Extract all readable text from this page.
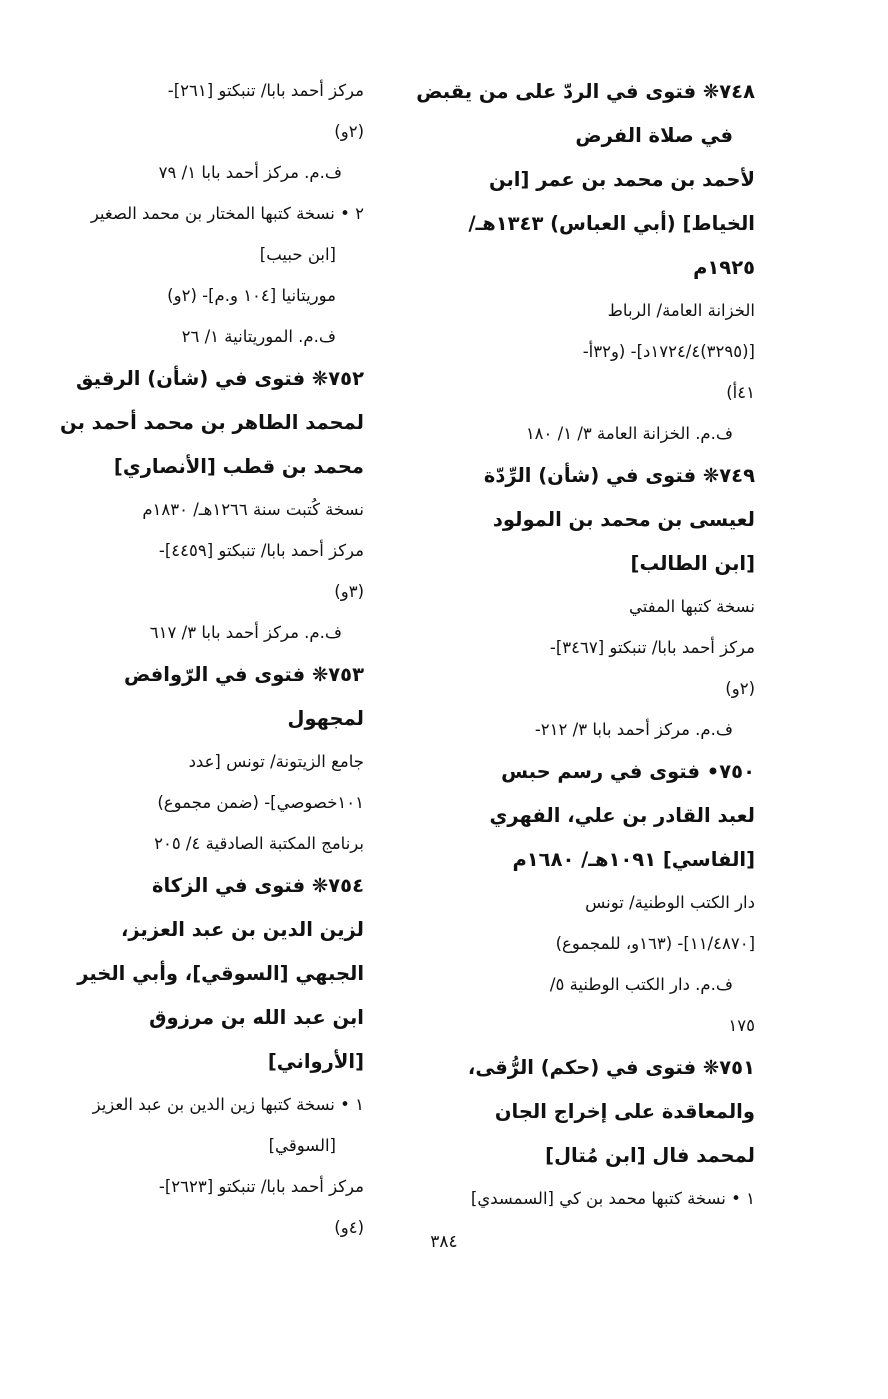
٧٤٨❋ فتوى في الردّ على من يقبض
في صلاة الفرض
لأحمد بن محمد بن عمر [ابن
الخياط] (أبي العباس) ١٣٤٣هـ/
١٩٢٥م
الخزانة العامة/ الرباط
[(٣٢٩٥)١٧٢٤/٤د]- (و٣٢أ-
٤١أ)
ف.م. الخزانة العامة ٣/ ١/ ١٨٠
٧٤٩❋ فتوى في (شأن) الرِّدّة
لعيسى بن محمد بن المولود
[ابن الطالب]
نسخة كتبها المفتي
مركز أحمد بابا/ تنبكتو [٣٤٦٧]-
(٢و)
ف.م. مركز أحمد بابا ٣/ ٢١٢-
٧٥٠• فتوى في رسم حبس
لعبد القادر بن علي، الفهري
[الفاسي] ١٠٩١هـ/ ١٦٨٠م
دار الكتب الوطنية/ تونس
[١١/٤٨٧٠]- (١٦٣و، للمجموع)
ف.م. دار الكتب الوطنية ٥/
١٧٥
٧٥١❋ فتوى في (حكم) الرُّقى،
والمعاقدة على إخراج الجان
لمحمد فال [ابن مُتال]
١ • نسخة كتبها محمد بن كي [السمسدي]
مركز أحمد بابا/ تنبكتو [٢٦١]-
(٢و)
ف.م. مركز أحمد بابا ١/ ٧٩
٢ • نسخة كتبها المختار بن محمد الصغير
[ابن حبيب]
موريتانيا [١٠٤ و.م]- (٢و)
ف.م. الموريتانية ١/ ٢٦
٧٥٢❋ فتوى في (شأن) الرقيق
لمحمد الطاهر بن محمد أحمد بن
محمد بن قطب [الأنصاري]
نسخة كُتبت سنة ١٢٦٦هـ/ ١٨٣٠م
مركز أحمد بابا/ تنبكتو [٤٤٥٩]-
(٣و)
ف.م. مركز أحمد بابا ٣/ ٦١٧
٧٥٣❋ فتوى في الرّوافض
لمجهول
جامع الزيتونة/ تونس [عدد
١٠١خصوصي]- (ضمن مجموع)
برنامج المكتبة الصادقية ٤/ ٢٠٥
٧٥٤❋ فتوى في الزكاة
لزين الدين بن عبد العزيز،
الجبهي [السوقي]، وأبي الخير
ابن عبد الله بن مرزوق
[الأرواني]
١ • نسخة كتبها زين الدين بن عبد العزيز
[السوقي]
مركز أحمد بابا/ تنبكتو [٢٦٢٣]-
(٤و)
٣٨٤
